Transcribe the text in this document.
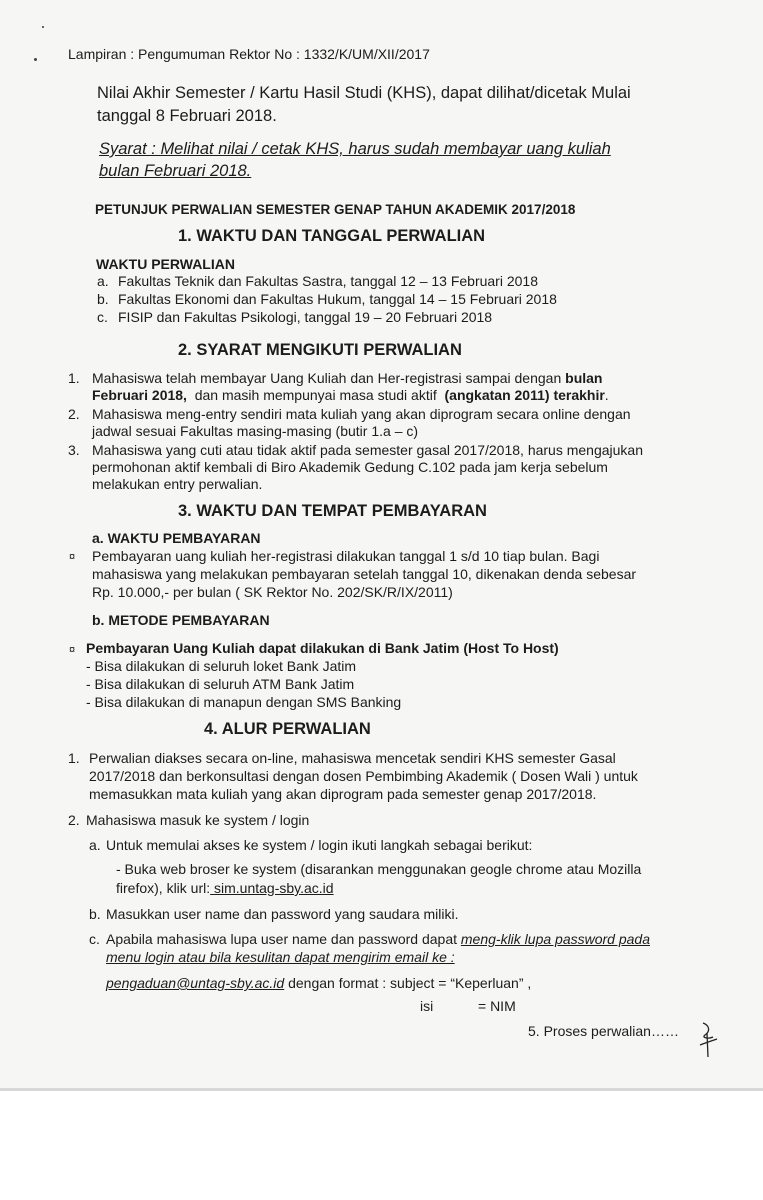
Lampiran : Pengumuman Rektor No : 1332/K/UM/XII/2017
Nilai Akhir Semester / Kartu Hasil Studi (KHS), dapat dilihat/dicetak Mulai
tanggal 8 Februari 2018.
Syarat : Melihat nilai / cetak KHS, harus sudah membayar uang kuliah
bulan Februari 2018.
PETUNJUK PERWALIAN SEMESTER GENAP TAHUN AKADEMIK 2017/2018
1. WAKTU DAN TANGGAL PERWALIAN
WAKTU PERWALIAN
a. Fakultas Teknik dan Fakultas Sastra, tanggal 12 – 13 Februari 2018
b. Fakultas Ekonomi dan Fakultas Hukum, tanggal 14 – 15 Februari 2018
c. FISIP dan Fakultas Psikologi, tanggal 19 – 20 Februari 2018
2. SYARAT MENGIKUTI PERWALIAN
1. Mahasiswa telah membayar Uang Kuliah dan Her-registrasi sampai dengan bulan
Februari 2018, dan masih mempunyai masa studi aktif (angkatan 2011) terakhir.
2. Mahasiswa meng-entry sendiri mata kuliah yang akan diprogram secara online dengan
jadwal sesuai Fakultas masing-masing (butir 1.a – c)
3. Mahasiswa yang cuti atau tidak aktif pada semester gasal 2017/2018, harus mengajukan
permohonan aktif kembali di Biro Akademik Gedung C.102 pada jam kerja sebelum
melakukan entry perwalian.
3. WAKTU DAN TEMPAT PEMBAYARAN
a. WAKTU PEMBAYARAN
¤ Pembayaran uang kuliah her-registrasi dilakukan tanggal 1 s/d 10 tiap bulan. Bagi
mahasiswa yang melakukan pembayaran setelah tanggal 10, dikenakan denda sebesar
Rp. 10.000,- per bulan ( SK Rektor No. 202/SK/R/IX/2011)
b. METODE PEMBAYARAN
¤ Pembayaran Uang Kuliah dapat dilakukan di Bank Jatim (Host To Host)
- Bisa dilakukan di seluruh loket Bank Jatim
- Bisa dilakukan di seluruh ATM Bank Jatim
- Bisa dilakukan di manapun dengan SMS Banking
4. ALUR PERWALIAN
1. Perwalian diakses secara on-line, mahasiswa mencetak sendiri KHS semester Gasal
2017/2018 dan berkonsultasi dengan dosen Pembimbing Akademik ( Dosen Wali ) untuk
memasukkan mata kuliah yang akan diprogram pada semester genap 2017/2018.
2. Mahasiswa masuk ke system / login
a. Untuk memulai akses ke system / login ikuti langkah sebagai berikut:
- Buka web broser ke system (disarankan menggunakan geogle chrome atau Mozilla
firefox), klik url: sim.untag-sby.ac.id
b. Masukkan user name dan password yang saudara miliki.
c. Apabila mahasiswa lupa user name dan password dapat meng-klik lupa password pada
menu login atau bila kesulitan dapat mengirim email ke :
pengaduan@untag-sby.ac.id dengan format : subject = “Keperluan” ,
isi	= NIM
5. Proses perwalian……
